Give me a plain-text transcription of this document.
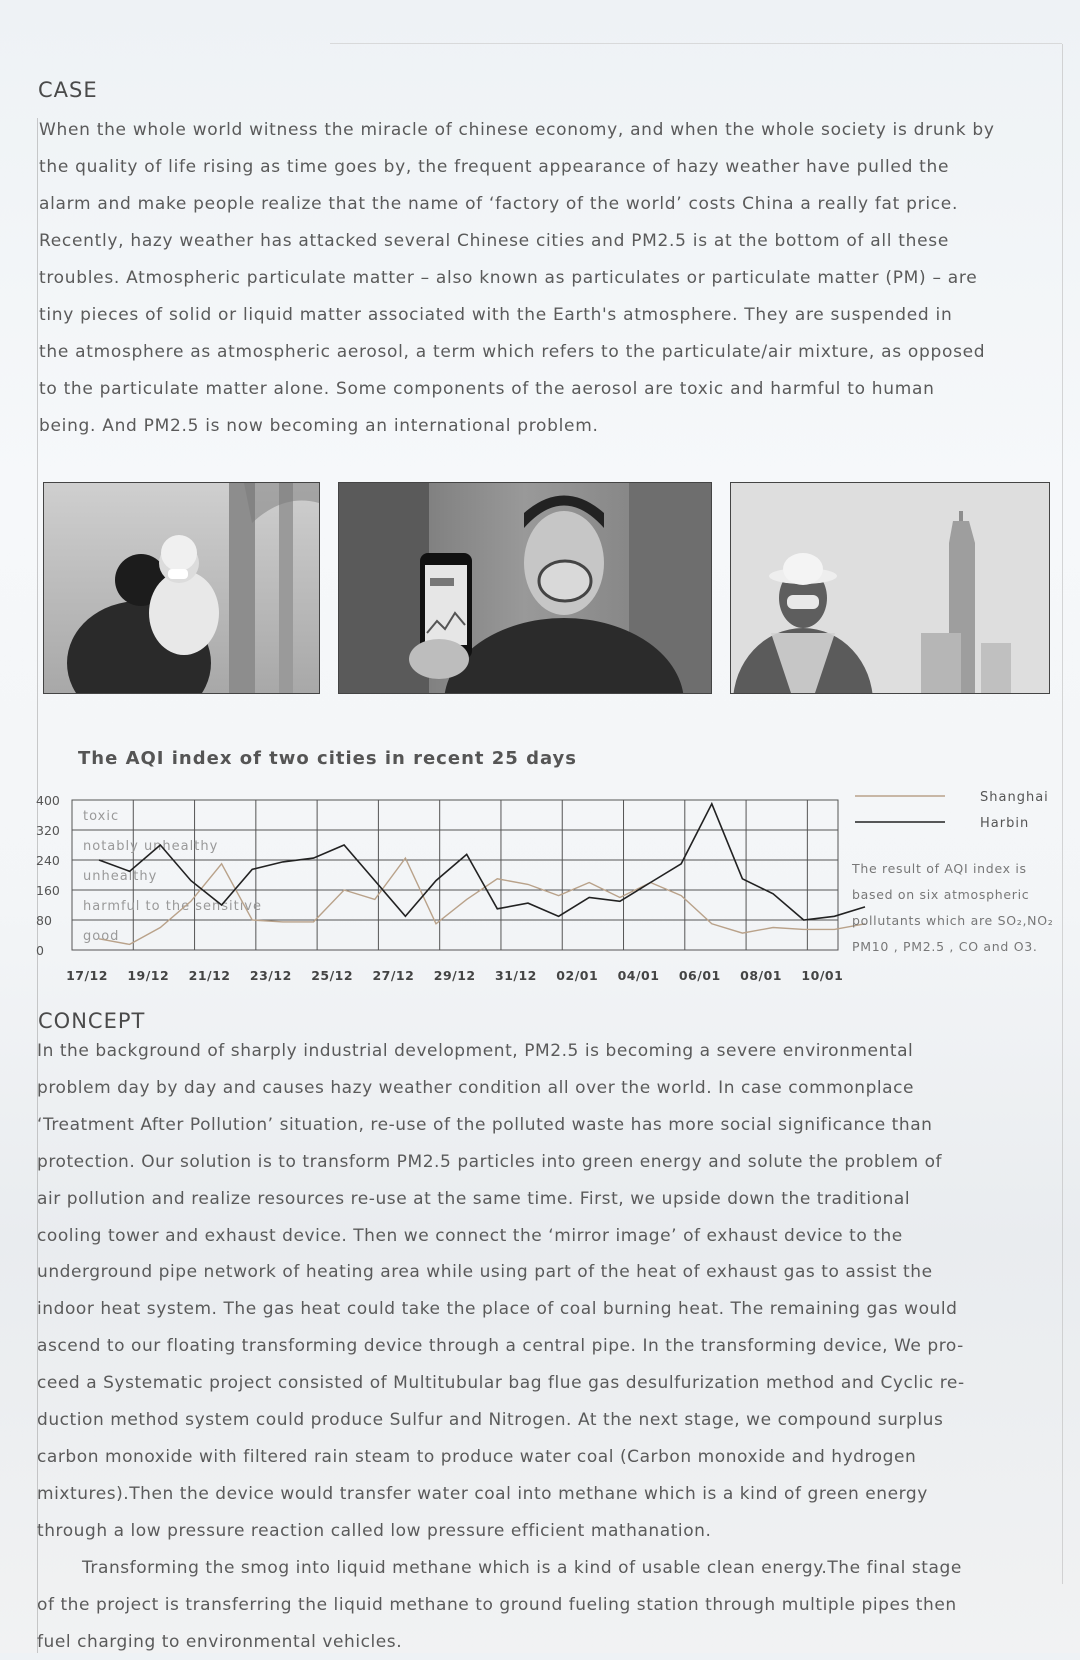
CASE
When the whole world witness the miracle of chinese economy, and when the whole society is drunk by
the quality of life rising as time goes by, the frequent appearance of hazy weather have pulled the
alarm and make people realize that the name of ‘factory of the world’ costs China a really fat price.
Recently, hazy weather has attacked several Chinese cities and PM2.5 is at the bottom of all these
troubles. Atmospheric particulate matter – also known as particulates or particulate matter (PM) – are
tiny pieces of solid or liquid matter associated with the Earth's atmosphere. They are suspended in
the atmosphere as atmospheric aerosol, a term which refers to the particulate/air mixture, as opposed
to the particulate matter alone. Some components of the aerosol are toxic and harmful to human
being. And PM2.5 is now becoming an international problem.
The AQI index of two cities in recent 25 days
400
320
240
160
80
0
17/12 19/12 21/12 23/12 25/12 27/12 29/12 31/12 02/01 04/01 06/01 08/01 10/01
toxic
notably unhealthy
unhealthy
harmful to the sensitive
good
Shanghai
Harbin
The result of AQI index is
based on six atmospheric
pollutants which are SO₂,NO₂
PM10 , PM2.5 , CO and O3.
CONCEPT

In the background of sharply industrial development, PM2.5 is becoming a severe environmental

problem day by day and causes hazy weather condition all over the world. In case commonplace

‘Treatment After Pollution’ situation, re-use of the polluted waste has more social significance than

protection. Our solution is to transform PM2.5 particles into green energy and solute the problem of

air pollution and realize resources re-use at the same time. First, we upside down the traditional

cooling tower and exhaust device. Then we connect the ‘mirror image’ of exhaust device to the

underground pipe network of heating area while using part of the heat of exhaust gas to assist the

indoor heat system. The gas heat could take the place of coal burning heat. The remaining gas would

ascend to our floating transforming device through a central pipe. In the transforming device, We pro-

ceed a Systematic project consisted of Multitubular bag flue gas desulfurization method and Cyclic re-

duction method system could produce Sulfur and Nitrogen. At the next stage, we compound surplus

carbon monoxide with filtered rain steam to produce water coal (Carbon monoxide and hydrogen

mixtures).Then the device would transfer water coal into methane which is a kind of green energy

through a low pressure reaction called low pressure efficient mathanation.

Transforming the smog into liquid methane which is a kind of usable clean energy.The final stage

of the project is transferring the liquid methane to ground fueling station through multiple pipes then

fuel charging to environmental vehicles.
